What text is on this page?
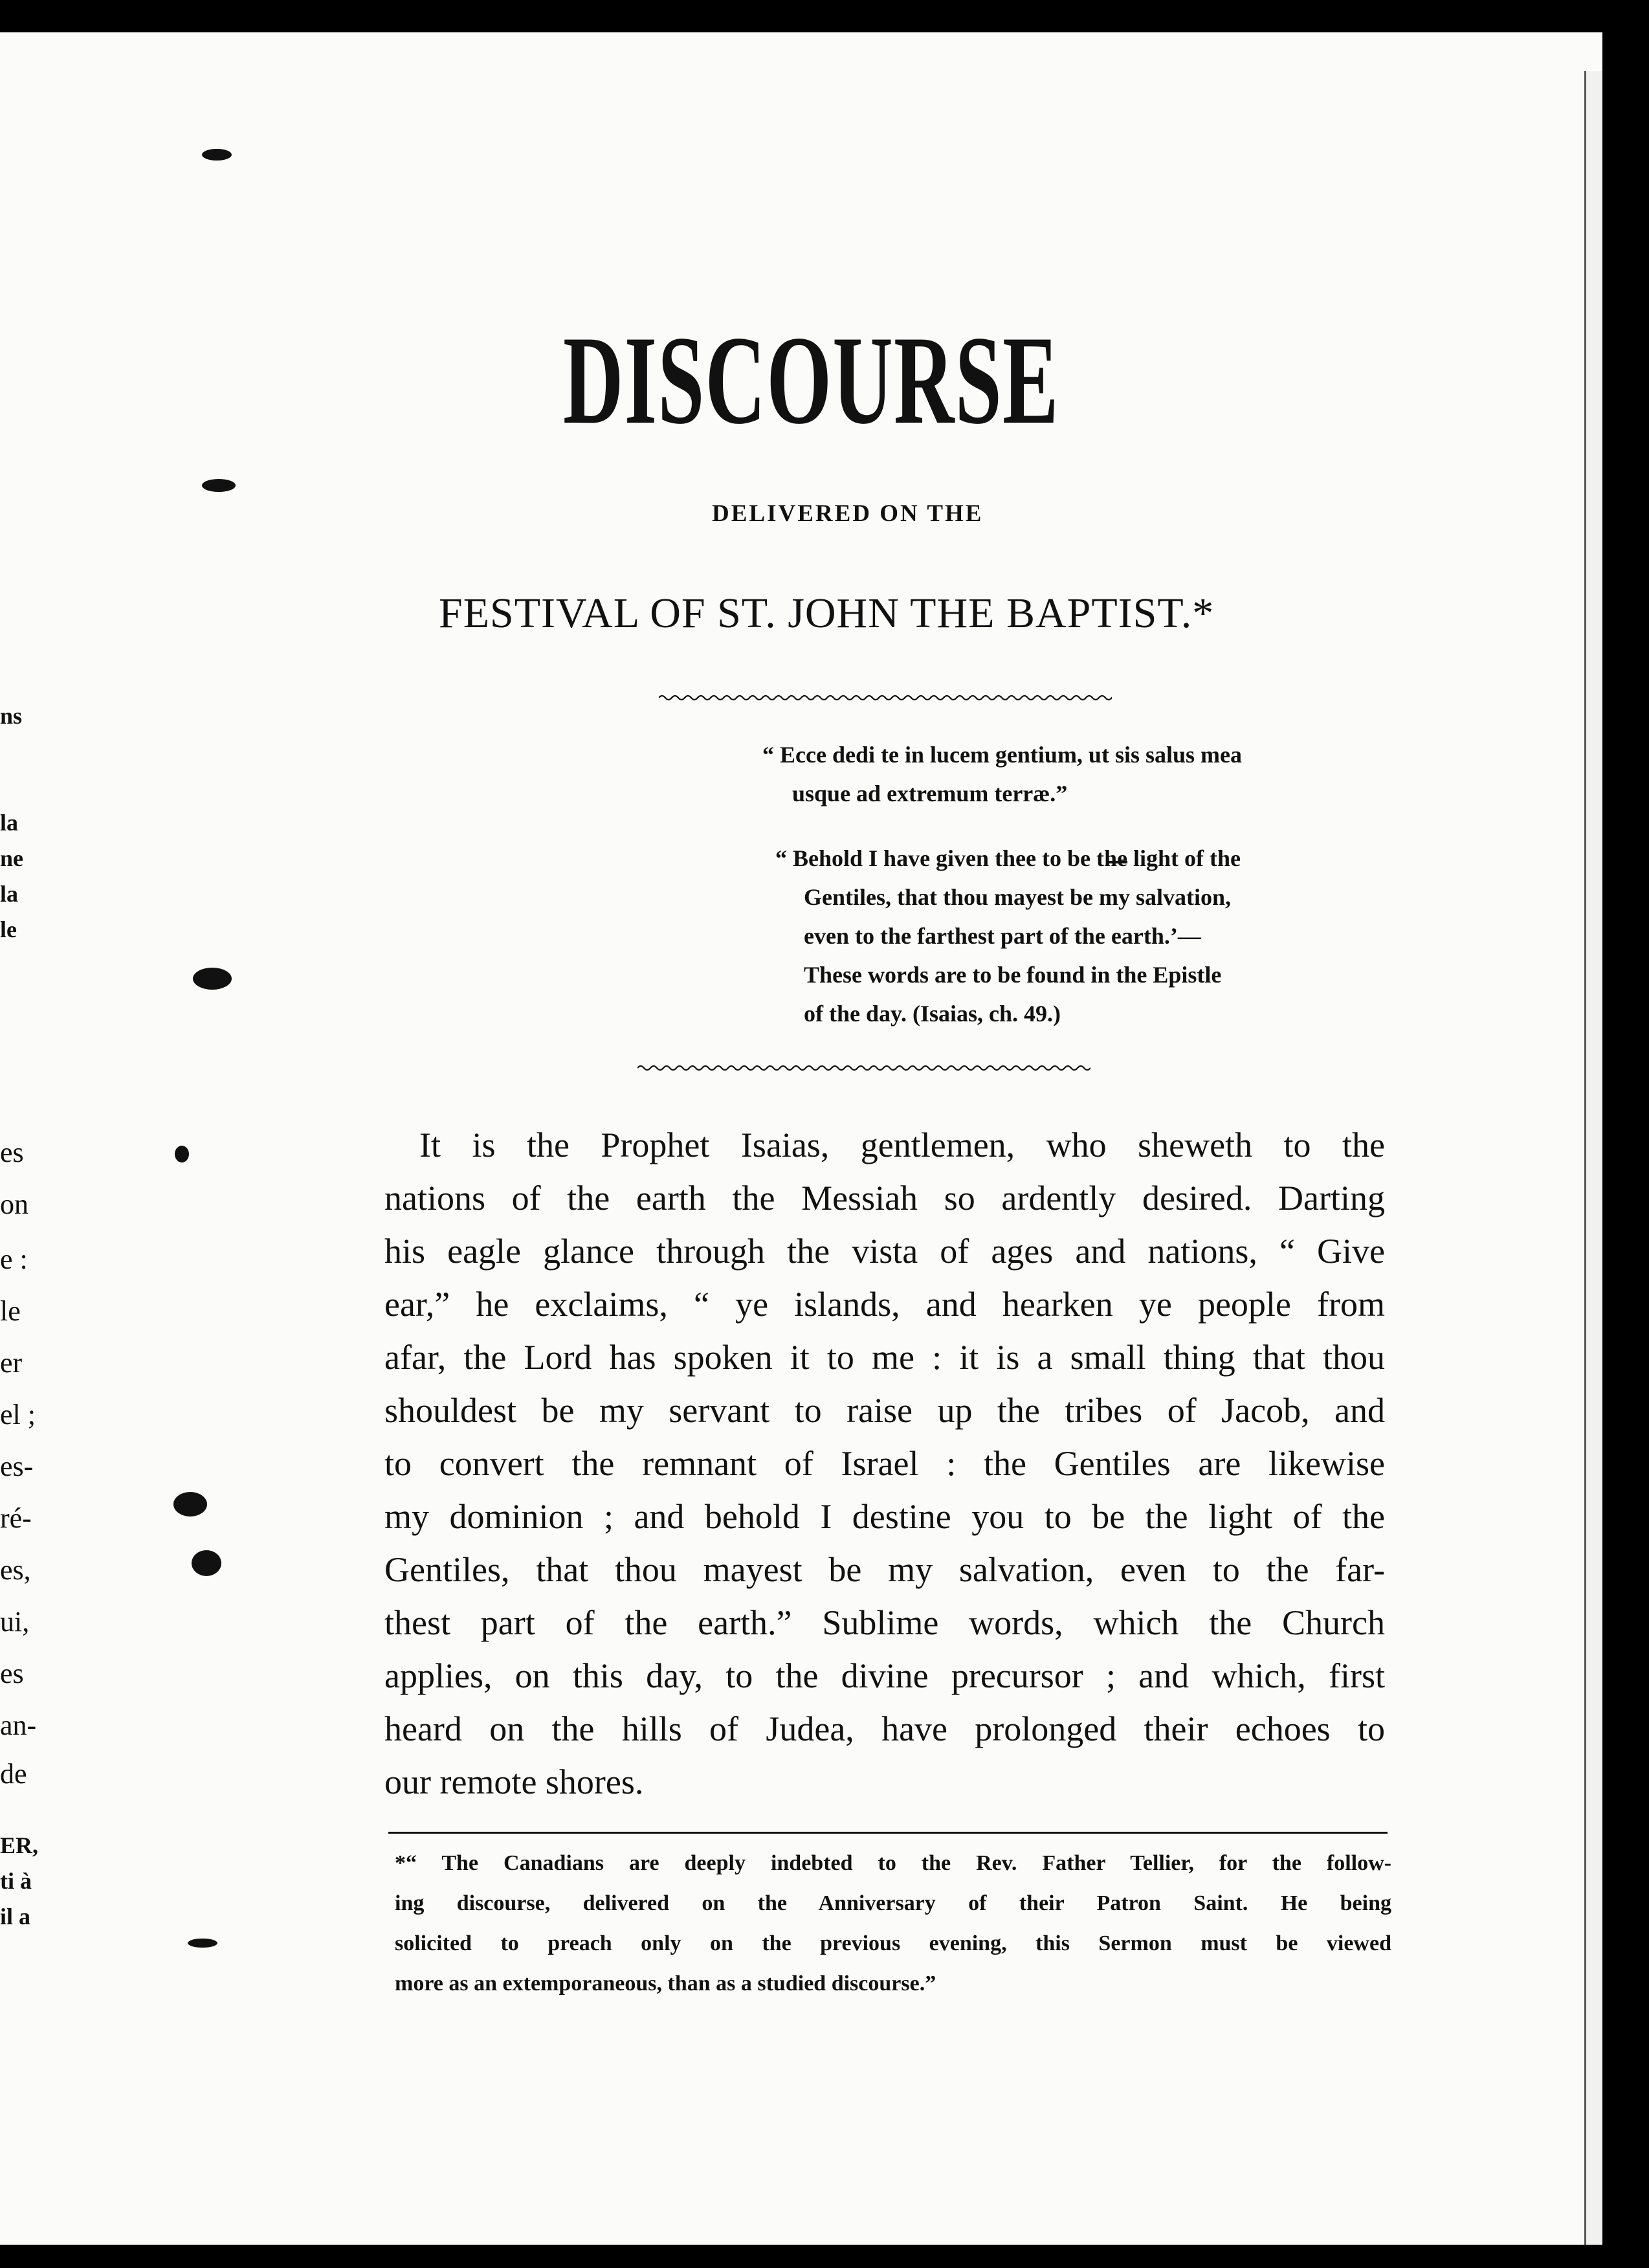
ns
la
ne
la
le
es
on
e :
le
er
el ;
es-
ré-
es,
ui,
es
an-
de
ER,
ti à
il a
DISCOURSE
DELIVERED ON THE
FESTIVAL OF ST. JOHN THE BAPTIST.*
“ Ecce dedi te in lucem gentium, ut sis salus mea
usque ad extremum terræ.”
“ Behold I have given thee to be the light of the
Gentiles, that thou mayest be my salvation,
even to the farthest part of the earth.’—
These words are to be found in the Epistle
of the day. (Isaias, ch. 49.)
It is the Prophet Isaias, gentlemen, who sheweth to the
nations of the earth the Messiah so ardently desired. Darting
his eagle glance through the vista of ages and nations, “ Give
ear,” he exclaims, “ ye islands, and hearken ye people from
afar, the Lord has spoken it to me : it is a small thing that thou
shouldest be my servant to raise up the tribes of Jacob, and
to convert the remnant of Israel : the Gentiles are likewise
my dominion ; and behold I destine you to be the light of the
Gentiles, that thou mayest be my salvation, even to the far-
thest part of the earth.” Sublime words, which the Church
applies, on this day, to the divine precursor ; and which, first
heard on the hills of Judea, have prolonged their echoes to
our remote shores.
*“ The Canadians are deeply indebted to the Rev. Father Tellier, for the follow-
ing discourse, delivered on the Anniversary of their Patron Saint. He being
solicited to preach only on the previous evening, this Sermon must be viewed
more as an extemporaneous, than as a studied discourse.”
